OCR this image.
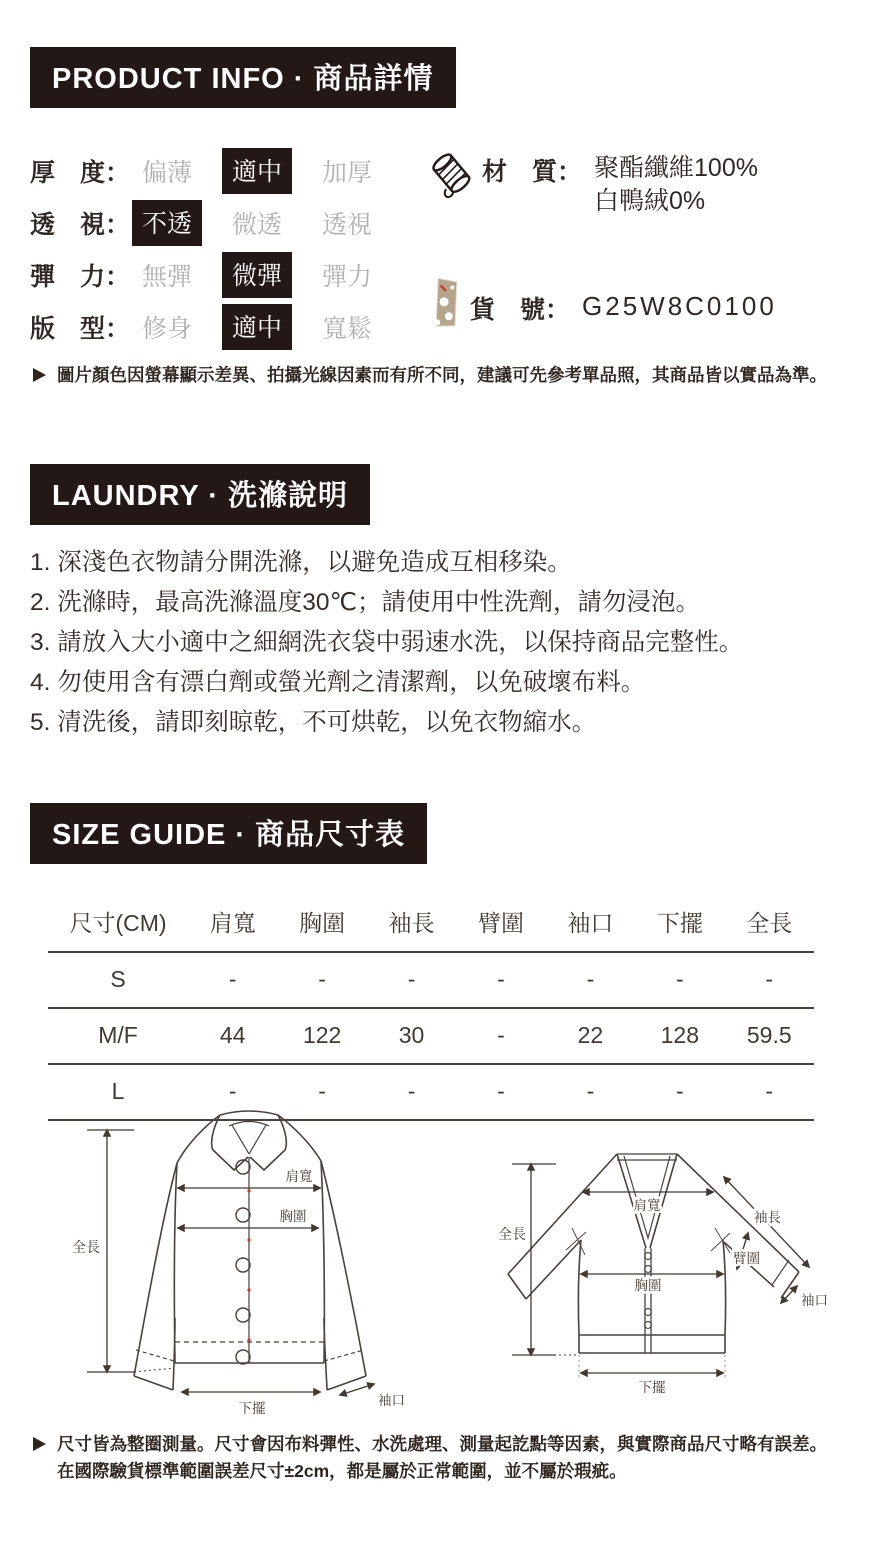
PRODUCT INFO · 商品詳情
厚　度： 偏薄	適中	加厚
透　視： 不透	微透 透視
彈　力： 無彈	微彈	彈力
版　型： 修身	適中	寬鬆
材　質： 聚酯纖維100%
白鴨絨0%
貨　號： G25W8C0100
圖片顏色因螢幕顯示差異、拍攝光線因素而有所不同，建議可先參考單品照，其商品皆以實品為準。
LAUNDRY · 洗滌說明
1. 深淺色衣物請分開洗滌，以避免造成互相移染。
2. 洗滌時，最高洗滌溫度30℃；請使用中性洗劑，請勿浸泡。
3. 請放入大小適中之細網洗衣袋中弱速水洗，以保持商品完整性。
4. 勿使用含有漂白劑或螢光劑之清潔劑，以免破壞布料。
5. 清洗後，請即刻晾乾，不可烘乾，以免衣物縮水。
SIZE GUIDE · 商品尺寸表
尺寸(CM)	肩寬	胸圍	袖長	臂圍	袖口	下擺	全長
S	-	-	-	-	-	-	-
M/F	44	122	30	-	22	128	59.5
L	-	-	-	-	-	-	-
全長
肩寬
胸圍
下擺
袖口
全長
肩寬
袖長
臂圍
胸圍
袖口
下擺
尺寸皆為整圈測量。尺寸會因布料彈性、水洗處理、測量起訖點等因素，與實際商品尺寸略有誤差。
在國際驗貨標準範圍誤差尺寸±2cm，都是屬於正常範圍，並不屬於瑕疵。
